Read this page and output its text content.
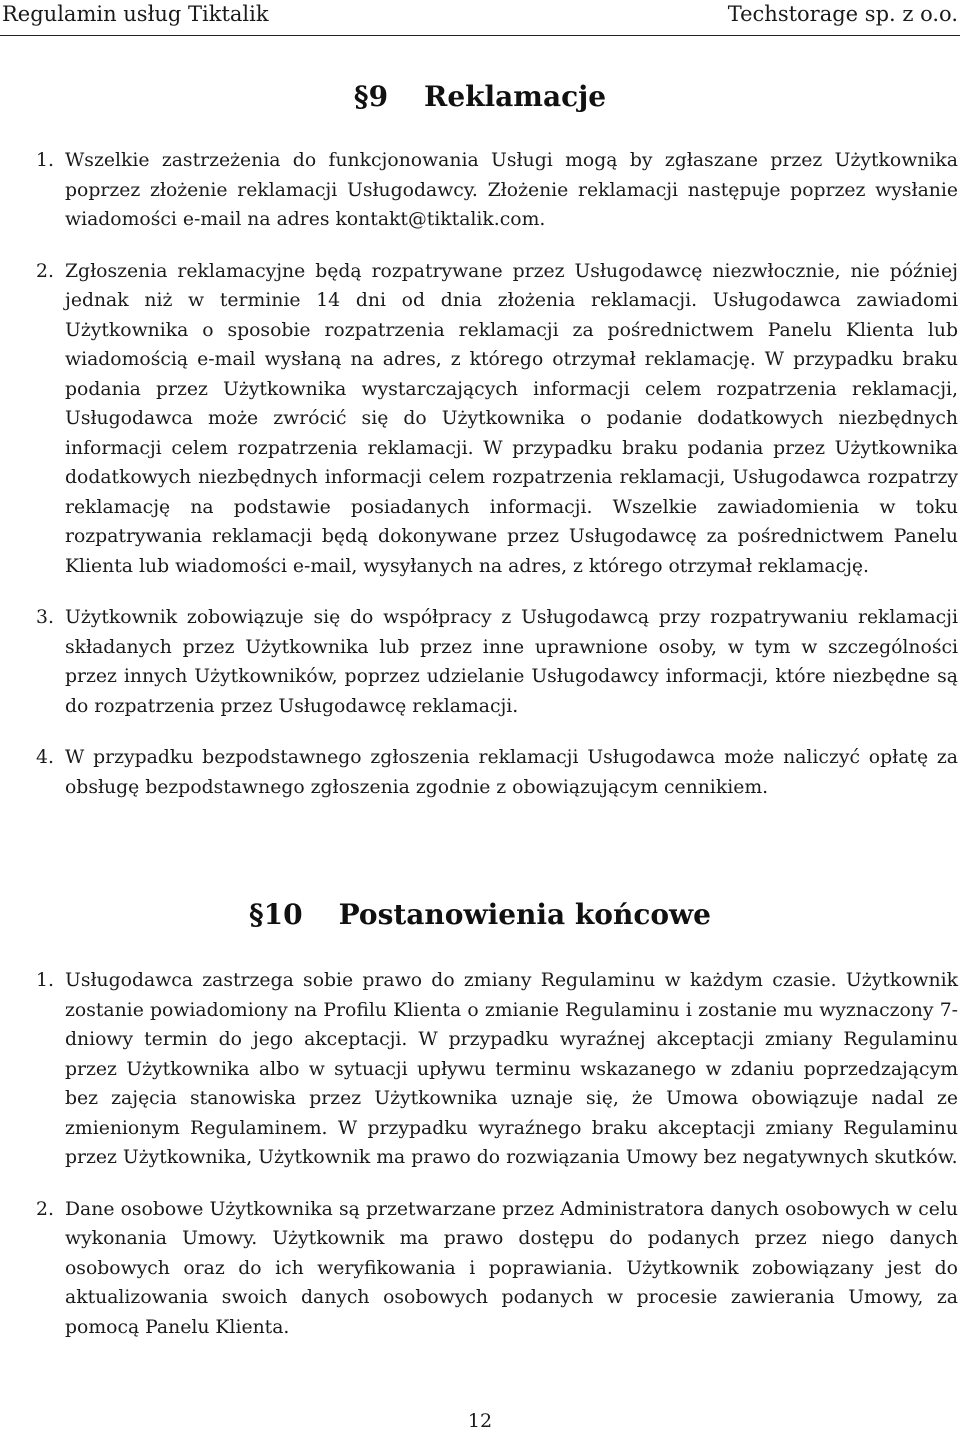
Regulamin usług Tiktalik	Techstorage sp. z o.o.
§9 Reklamacje
1. Wszelkie zastrzeżenia do funkcjonowania Usługi mogą by zgłaszane przez Użytkownika poprzez złożenie reklamacji Usługodawcy. Złożenie reklamacji następuje poprzez wysłanie wiadomości e-mail na adres kontakt@tiktalik.com.
2. Zgłoszenia reklamacyjne będą rozpatrywane przez Usługodawcę niezwłocznie, nie później jednak niż w terminie 14 dni od dnia złożenia reklamacji. Usługodawca zawiadomi Użytkownika o sposobie rozpatrzenia reklamacji za pośrednictwem Panelu Klienta lub wiadomością e-mail wysłaną na adres, z którego otrzymał reklamację. W przypadku braku podania przez Użytkownika wystarczających informacji celem rozpatrzenia reklamacji, Usługodawca może zwrócić się do Użytkownika o podanie dodatkowych niezbędnych informacji celem rozpatrzenia reklamacji. W przypadku braku podania przez Użytkownika dodatkowych niezbędnych informacji celem rozpatrzenia reklamacji, Usługodawca rozpatrzy reklamację na podstawie posiadanych informacji. Wszelkie zawiadomienia w toku rozpatrywania reklamacji będą dokonywane przez Usługodawcę za pośrednictwem Panelu Klienta lub wiadomości e-mail, wysyłanych na adres, z którego otrzymał reklamację.
3. Użytkownik zobowiązuje się do współpracy z Usługodawcą przy rozpatrywaniu reklamacji składanych przez Użytkownika lub przez inne uprawnione osoby, w tym w szczególności przez innych Użytkowników, poprzez udzielanie Usługodawcy informacji, które niezbędne są do rozpatrzenia przez Usługodawcę reklamacji.
4. W przypadku bezpodstawnego zgłoszenia reklamacji Usługodawca może naliczyć opłatę za obsługę bezpodstawnego zgłoszenia zgodnie z obowiązującym cennikiem.
§10 Postanowienia końcowe
1. Usługodawca zastrzega sobie prawo do zmiany Regulaminu w każdym czasie. Użytkownik zostanie powiadomiony na Profilu Klienta o zmianie Regulaminu i zostanie mu wyznaczony 7-dniowy termin do jego akceptacji. W przypadku wyraźnej akceptacji zmiany Regulaminu przez Użytkownika albo w sytuacji upływu terminu wskazanego w zdaniu poprzedzającym bez zajęcia stanowiska przez Użytkownika uznaje się, że Umowa obowiązuje nadal ze zmienionym Regulaminem. W przypadku wyraźnego braku akceptacji zmiany Regulaminu przez Użytkownika, Użytkownik ma prawo do rozwiązania Umowy bez negatywnych skutków.
2. Dane osobowe Użytkownika są przetwarzane przez Administratora danych osobowych w celu wykonania Umowy. Użytkownik ma prawo dostępu do podanych przez niego danych osobowych oraz do ich weryfikowania i poprawiania. Użytkownik zobowiązany jest do aktualizowania swoich danych osobowych podanych w procesie zawierania Umowy, za pomocą Panelu Klienta.
12
